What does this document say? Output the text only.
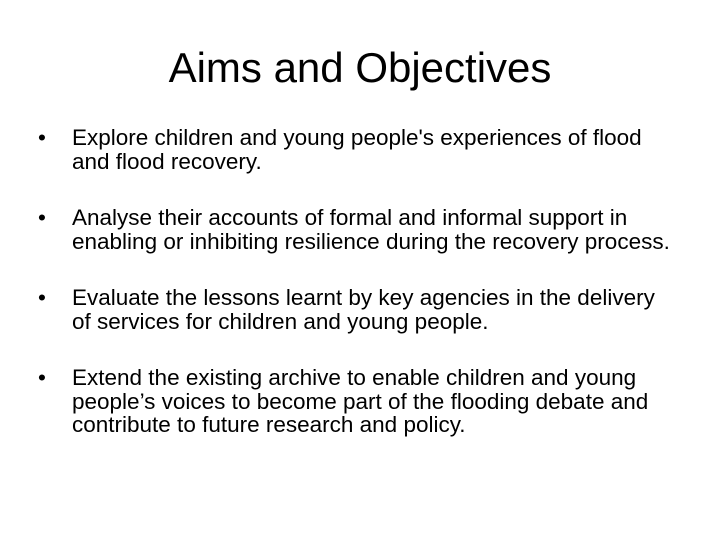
Aims and Objectives
• Explore children and young people's experiences of flood and flood recovery.
• Analyse their accounts of formal and informal support in enabling or inhibiting resilience during the recovery process.
• Evaluate the lessons learnt by key agencies in the delivery of services for children and young people.
• Extend the existing archive to enable children and young people’s voices to become part of the flooding debate and contribute to future research and policy.
